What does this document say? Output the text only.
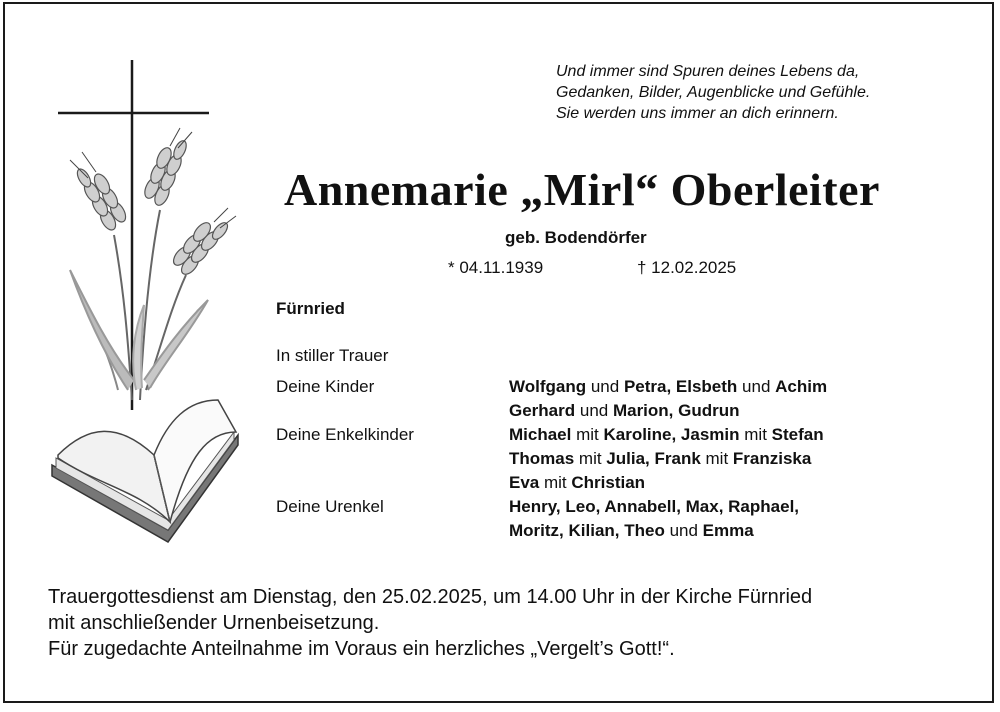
Und immer sind Spuren deines Lebens da,
Gedanken, Bilder, Augenblicke und Gefühle.
Sie werden uns immer an dich erinnern.
Annemarie „Mirl“ Oberleiter
geb. Bodendörfer
* 04.11.1939	† 12.02.2025
Fürnried
In stiller Trauer
Deine Kinder	Wolfgang und Petra, Elsbeth und Achim
Gerhard und Marion, Gudrun
Deine Enkelkinder	Michael mit Karoline, Jasmin mit Stefan
Thomas mit Julia, Frank mit Franziska
Eva mit Christian
Deine Urenkel	Henry, Leo, Annabell, Max, Raphael,
Moritz, Kilian, Theo und Emma
Trauergottesdienst am Dienstag, den 25.02.2025, um 14.00 Uhr in der Kirche Fürnried
mit anschließender Urnenbeisetzung.
Für zugedachte Anteilnahme im Voraus ein herzliches „Vergelt’s Gott!“.
